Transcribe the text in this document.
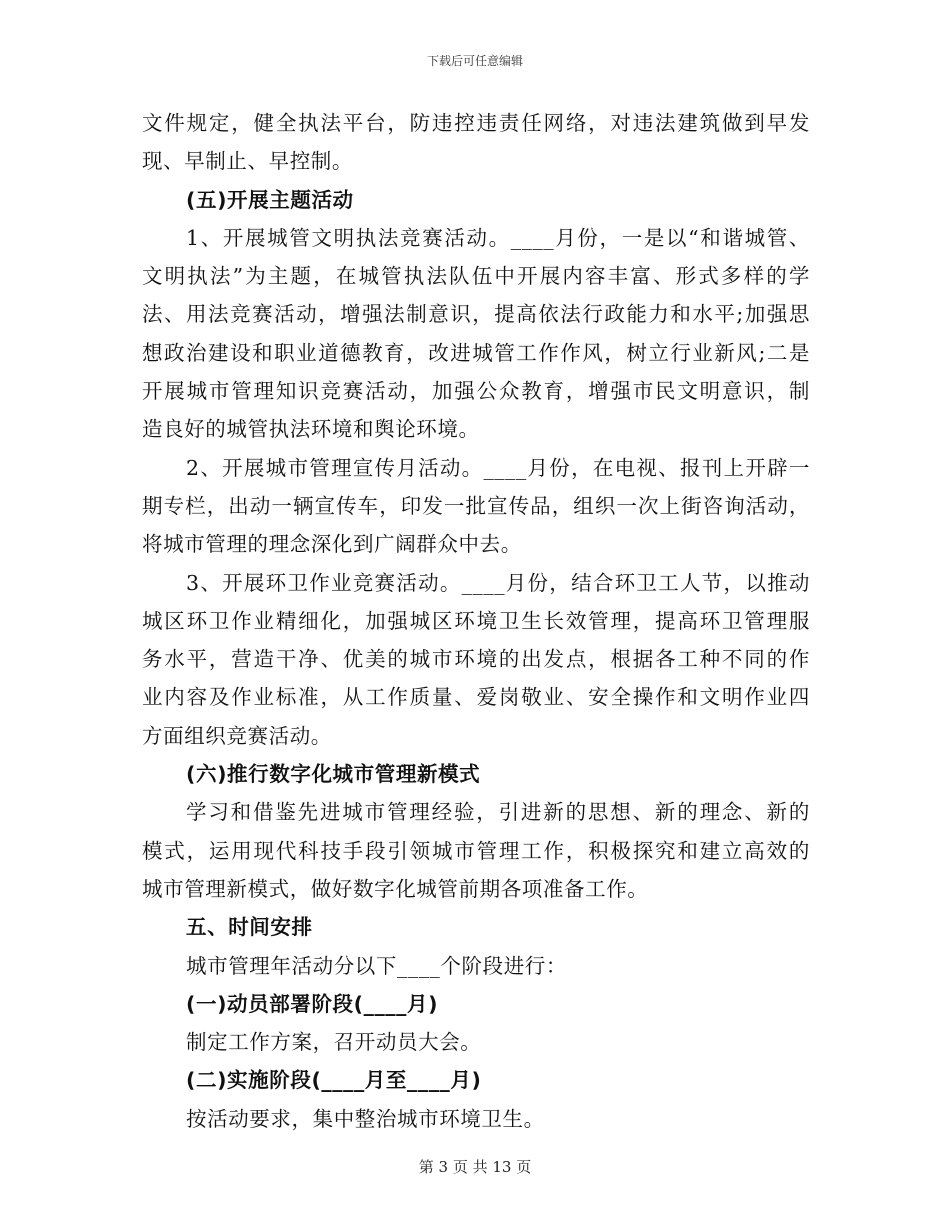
下载后可任意编辑
文件规定，健全执法平台，防违控违责任网络，对违法建筑做到早发
现、早制止、早控制。
(五)开展主题活动
1、开展城管文明执法竞赛活动。____月份，一是以“和谐城管、
文明执法”为主题，在城管执法队伍中开展内容丰富、形式多样的学
法、用法竞赛活动，增强法制意识，提高依法行政能力和水平;加强思
想政治建设和职业道德教育，改进城管工作作风，树立行业新风;二是
开展城市管理知识竞赛活动，加强公众教育，增强市民文明意识，制
造良好的城管执法环境和舆论环境。
2、开展城市管理宣传月活动。____月份，在电视、报刊上开辟一
期专栏，出动一辆宣传车，印发一批宣传品，组织一次上街咨询活动，
将城市管理的理念深化到广阔群众中去。
3、开展环卫作业竞赛活动。____月份，结合环卫工人节，以推动
城区环卫作业精细化，加强城区环境卫生长效管理，提高环卫管理服
务水平，营造干净、优美的城市环境的出发点，根据各工种不同的作
业内容及作业标准，从工作质量、爱岗敬业、安全操作和文明作业四
方面组织竞赛活动。
(六)推行数字化城市管理新模式
学习和借鉴先进城市管理经验，引进新的思想、新的理念、新的
模式，运用现代科技手段引领城市管理工作，积极探究和建立高效的
城市管理新模式，做好数字化城管前期各项准备工作。
五、时间安排
城市管理年活动分以下____个阶段进行：
(一)动员部署阶段(____月)
制定工作方案，召开动员大会。
(二)实施阶段(____月至____月)
按活动要求，集中整治城市环境卫生。
第 3 页 共 13 页
